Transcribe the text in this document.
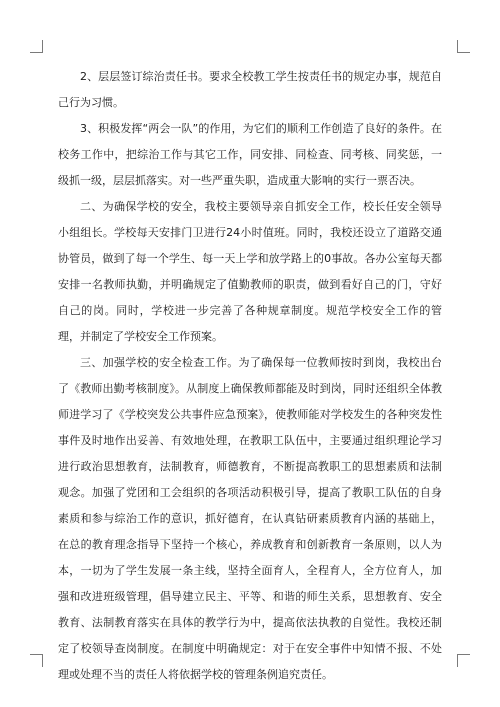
2、层层签订综治责任书。要求全校教工学生按责任书的规定办事，规范自己行为习惯。

3、积极发挥“两会一队”的作用，为它们的顺利工作创造了良好的条件。在校务工作中，把综治工作与其它工作，同安排、同检查、同考核、同奖惩，一级抓一级，层层抓落实。对一些严重失职，造成重大影响的实行一票否决。

二、为确保学校的安全，我校主要领导亲自抓安全工作，校长任安全领导小组组长。学校每天安排门卫进行24小时值班。同时，我校还设立了道路交通协管员，做到了每一个学生、每一天上学和放学路上的0事故。各办公室每天都安排一名教师执勤，并明确规定了值勤教师的职责，做到看好自己的门，守好自己的岗。同时，学校进一步完善了各种规章制度。规范学校安全工作的管理，并制定了学校安全工作预案。

三、加强学校的安全检查工作。为了确保每一位教师按时到岗，我校出台了《教师出勤考核制度》。从制度上确保教师都能及时到岗，同时还组织全体教师进学习了《学校突发公共事件应急预案》，使教师能对学校发生的各种突发性事件及时地作出妥善、有效地处理，在教职工队伍中，主要通过组织理论学习进行政治思想教育，法制教育，师德教育，不断提高教职工的思想素质和法制观念。加强了党团和工会组织的各项活动积极引导，提高了教职工队伍的自身素质和参与综治工作的意识，抓好德育，在认真钻研素质教育内涵的基础上，在总的教育理念指导下坚持一个核心，养成教育和创新教育一条原则，以人为本，一切为了学生发展一条主线，坚持全面育人，全程育人，全方位育人，加强和改进班级管理，倡导建立民主、平等、和谐的师生关系，思想教育、安全教育、法制教育落实在具体的教学行为中，提高依法执教的自觉性。我校还制定了校领导查岗制度。在制度中明确规定：对于在安全事件中知情不报、不处理或处理不当的责任人将依据学校的管理条例追究责任。
